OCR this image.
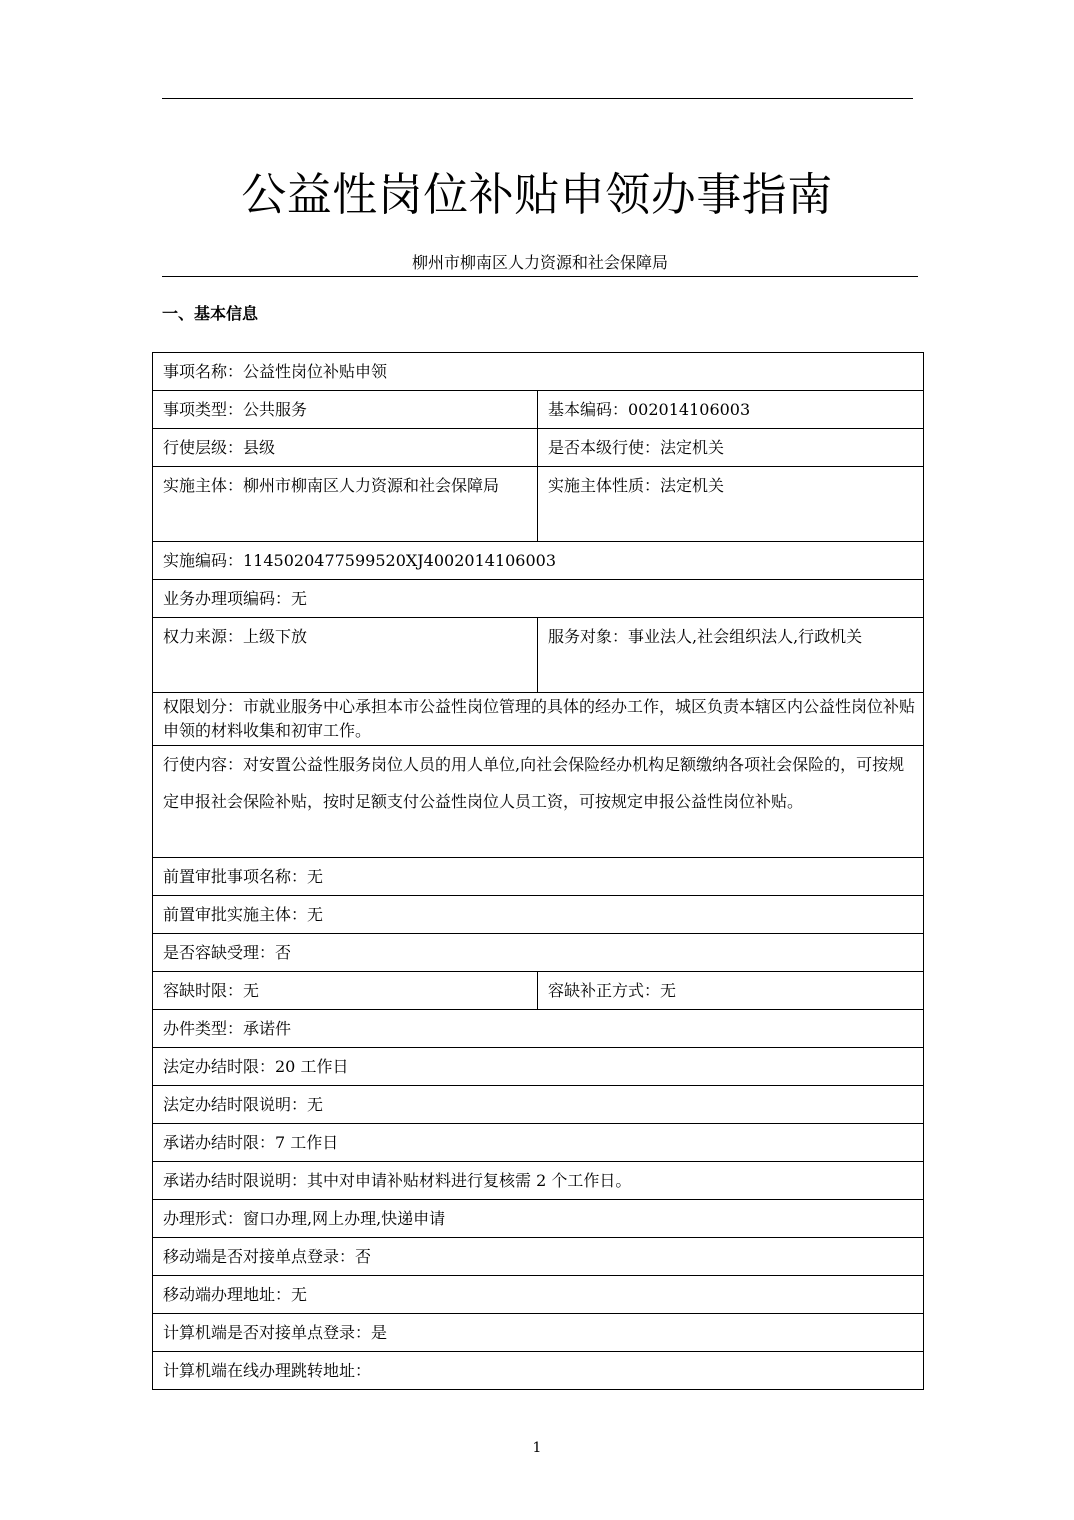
公益性岗位补贴申领办事指南
柳州市柳南区人力资源和社会保障局
一、基本信息
事项名称：公益性岗位补贴申领	
事项类型：公共服务	基本编码：002014106003
行使层级：县级	是否本级行使：法定机关
实施主体：柳州市柳南区人力资源和社会保障局	实施主体性质：法定机关
实施编码：1145020477599520XJ4002014106003	
业务办理项编码：无	
权力来源：上级下放	服务对象：事业法人,社会组织法人,行政机关
权限划分：市就业服务中心承担本市公益性岗位管理的具体的经办工作，城区负责本辖区内公益性岗位补贴申领的材料收集和初审工作。	
行使内容：对安置公益性服务岗位人员的用人单位,向社会保险经办机构足额缴纳各项社会保险的，可按规定申报社会保险补贴，按时足额支付公益性岗位人员工资，可按规定申报公益性岗位补贴。	
前置审批事项名称：无	
前置审批实施主体：无	
是否容缺受理：否	
容缺时限：无	容缺补正方式：无
办件类型：承诺件	
法定办结时限：20 工作日	
法定办结时限说明：无	
承诺办结时限：7 工作日	
承诺办结时限说明：其中对申请补贴材料进行复核需 2 个工作日。	
办理形式：窗口办理,网上办理,快递申请	
移动端是否对接单点登录：否	
移动端办理地址：无	
计算机端是否对接单点登录：是	
计算机端在线办理跳转地址：	
1
